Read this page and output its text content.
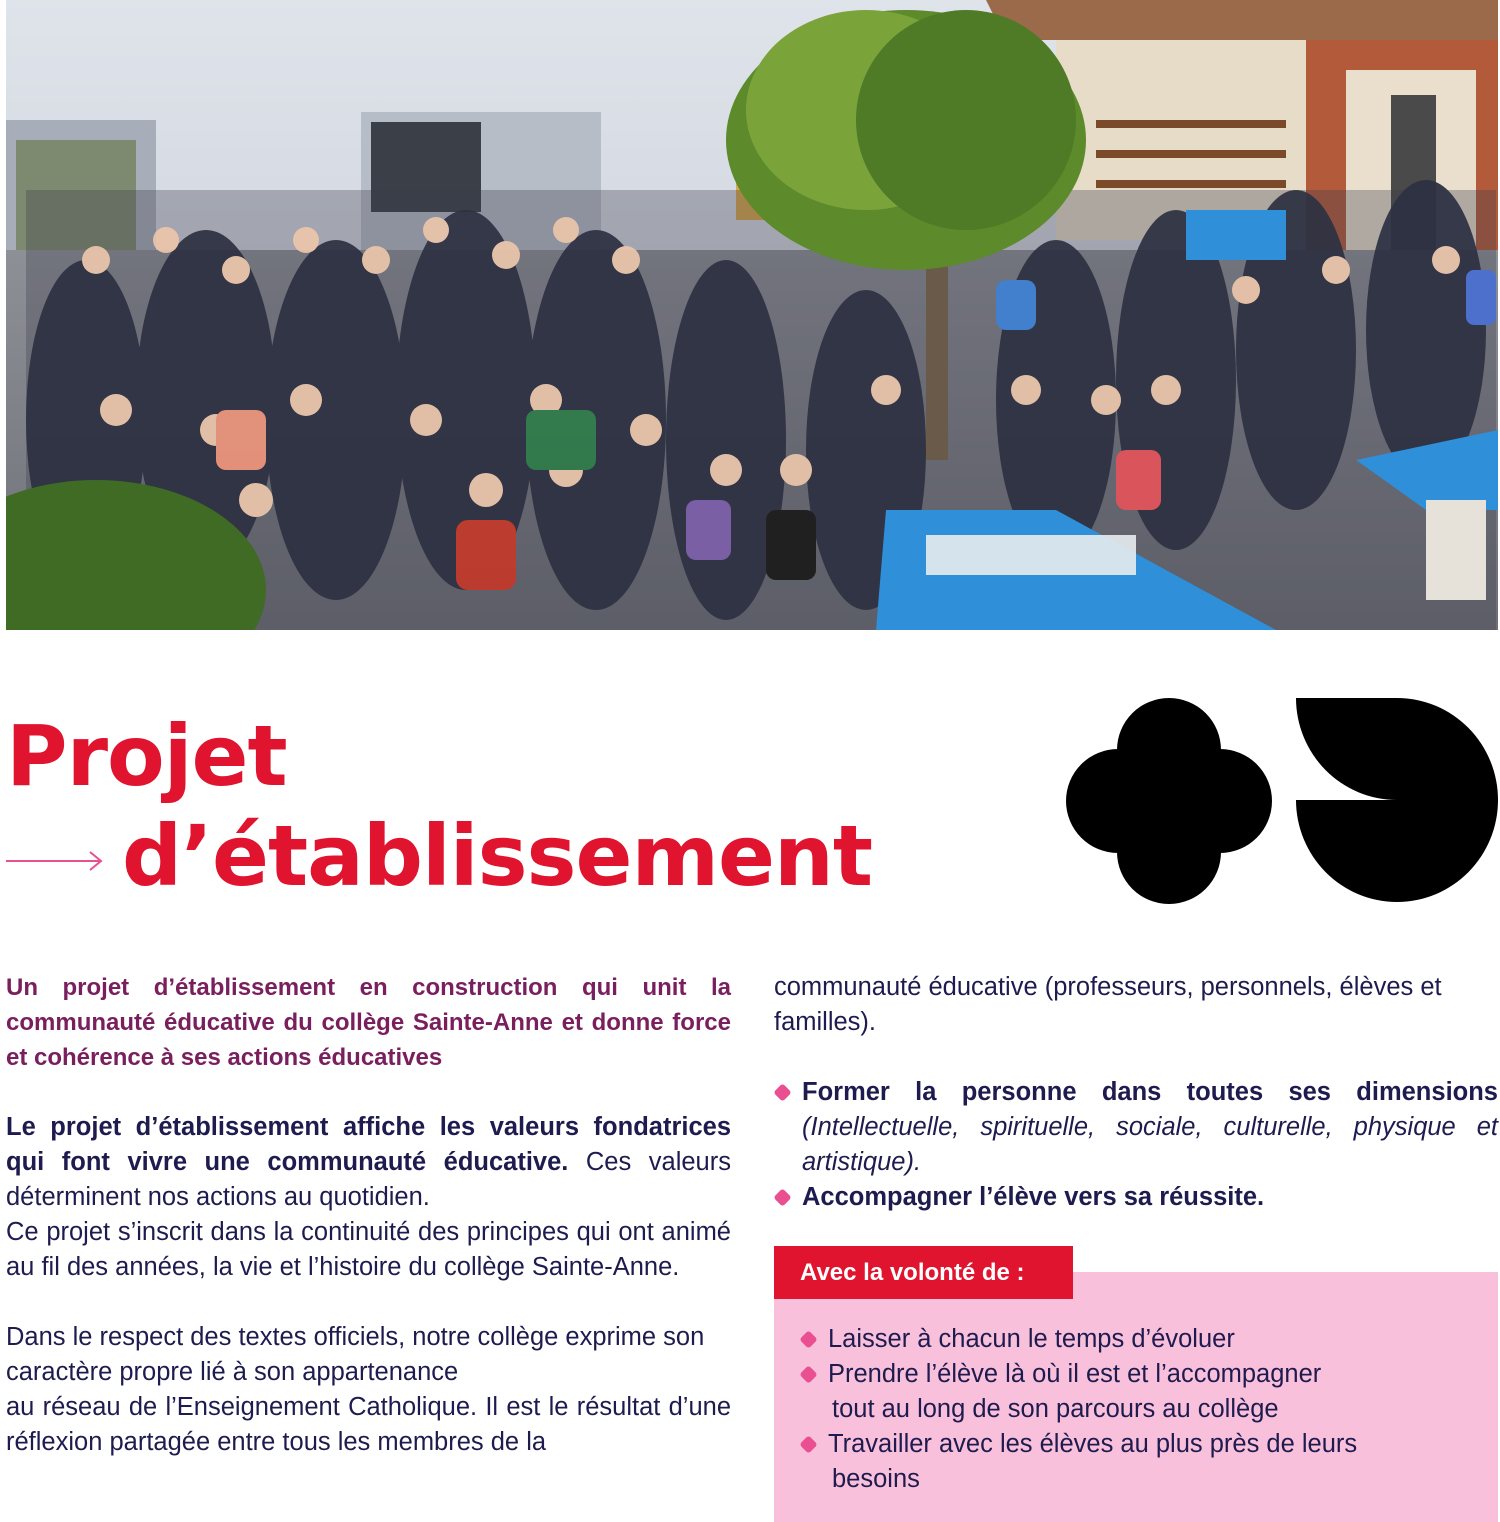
Projet
d’établissement

Un projet d’établissement en construction qui unit la communauté éducative du collège Sainte-Anne et donne force et cohérence à ses actions éducatives

Le projet d’établissement affiche les valeurs fondatrices qui font vivre une communauté éducative. Ces valeurs déterminent nos actions au quotidien.

Ce projet s’inscrit dans la continuité des principes qui ont animé au fil des années, la vie et l’histoire du collège Sainte-Anne.

Dans le respect des textes officiels, notre collège exprime son caractère propre lié à son appartenance

au réseau de l’Enseignement Catholique. Il est le résultat d’une réflexion partagée entre tous les membres de la

communauté éducative (professeurs, personnels, élèves et familles).

Former la personne dans toutes ses dimensions (Intellectuelle, spirituelle, sociale, culturelle, physique et artistique).
Accompagner l’élève vers sa réussite.
Avec la volonté de :
Laisser à chacun le temps d’évoluer
Prendre l’élève là où il est et l’accompagner
tout au long de son parcours au collège
Travailler avec les élèves au plus près de leurs
besoins
